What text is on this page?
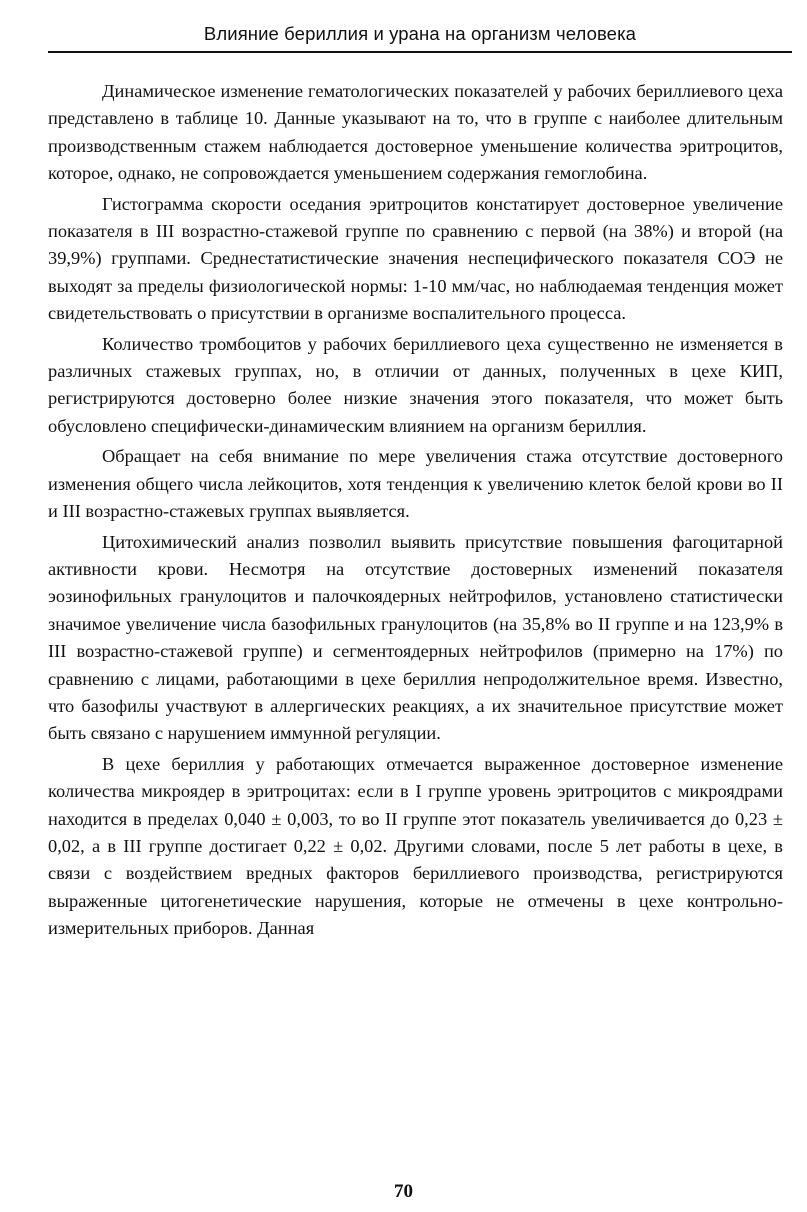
Влияние бериллия и урана на организм человека

Динамическое изменение гематологических показателей у рабочих бериллиевого цеха представлено в таблице 10. Данные указывают на то, что в группе с наиболее длительным производственным стажем наблюдается достоверное уменьшение количества эритроцитов, которое, однако, не сопровождается уменьшением содержания гемоглобина.

Гистограмма скорости оседания эритроцитов констатирует достоверное увеличение показателя в III возрастно-стажевой группе по сравнению с первой (на 38%) и второй (на 39,9%) группами. Среднестатистические значения неспецифического показателя СОЭ не выходят за пределы физиологической нормы: 1-10 мм/час, но наблюдаемая тенденция может свидетельствовать о присутствии в организме воспалительного процесса.

Количество тромбоцитов у рабочих бериллиевого цеха существенно не изменяется в различных стажевых группах, но, в отличии от данных, полученных в цехе КИП, регистрируются достоверно более низкие значения этого показателя, что может быть обусловлено специфически-динамическим влиянием на организм бериллия.

Обращает на себя внимание по мере увеличения стажа отсутствие достоверного изменения общего числа лейкоцитов, хотя тенденция к увеличению клеток белой крови во II и III возрастно-стажевых группах выявляется.

Цитохимический анализ позволил выявить присутствие повышения фагоцитарной активности крови. Несмотря на отсутствие достоверных изменений показателя эозинофильных гранулоцитов и палочкоядерных нейтрофилов, установлено статистически значимое увеличение числа базофильных гранулоцитов (на 35,8% во II группе и на 123,9% в III возрастно-стажевой группе) и сегментоядерных нейтрофилов (примерно на 17%) по сравнению с лицами, работающими в цехе бериллия непродолжительное время. Известно, что базофилы участвуют в аллергических реакциях, а их значительное присутствие может быть связано с нарушением иммунной регуляции.

В цехе бериллия у работающих отмечается выраженное достоверное изменение количества микроядер в эритроцитах: если в I группе уровень эритроцитов с микроядрами находится в пределах 0,040 ± 0,003, то во II группе этот показатель увеличивается до 0,23 ± 0,02, а в III группе достигает 0,22 ± 0,02. Другими словами, после 5 лет работы в цехе, в связи с воздействием вредных факторов бериллиевого производства, регистрируются выраженные цитогенетические нарушения, которые не отмечены в цехе контрольно-измерительных приборов. Данная

70
